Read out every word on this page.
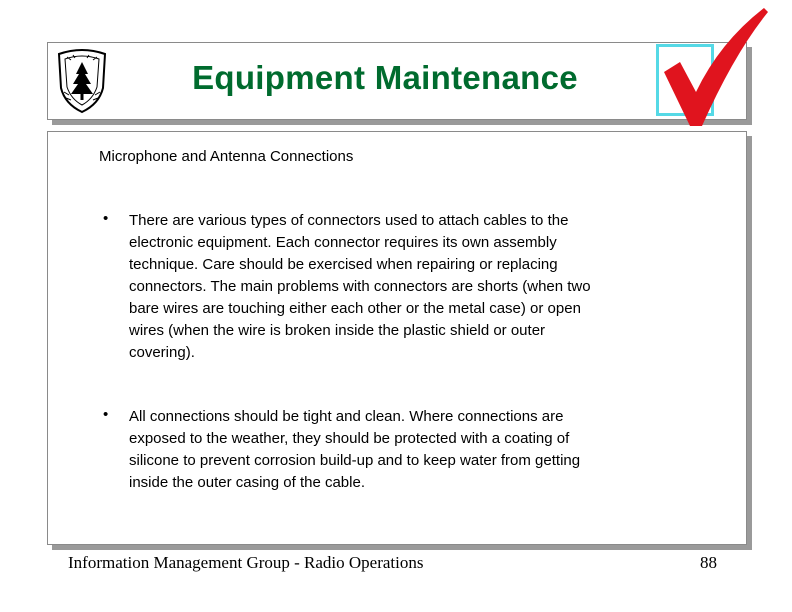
Equipment Maintenance
Microphone and Antenna Connections
• There are various types of connectors used to attach cables to the
electronic equipment. Each connector requires its own assembly
technique. Care should be exercised when repairing or replacing
connectors. The main problems with connectors are shorts (when two
bare wires are touching either each other or the metal case) or open
wires (when the wire is broken inside the plastic shield or outer
covering).
• All connections should be tight and clean. Where connections are
exposed to the weather, they should be protected with a coating of
silicone to prevent corrosion build-up and to keep water from getting
inside the outer casing of the cable.
Information Management Group - Radio Operations	88
